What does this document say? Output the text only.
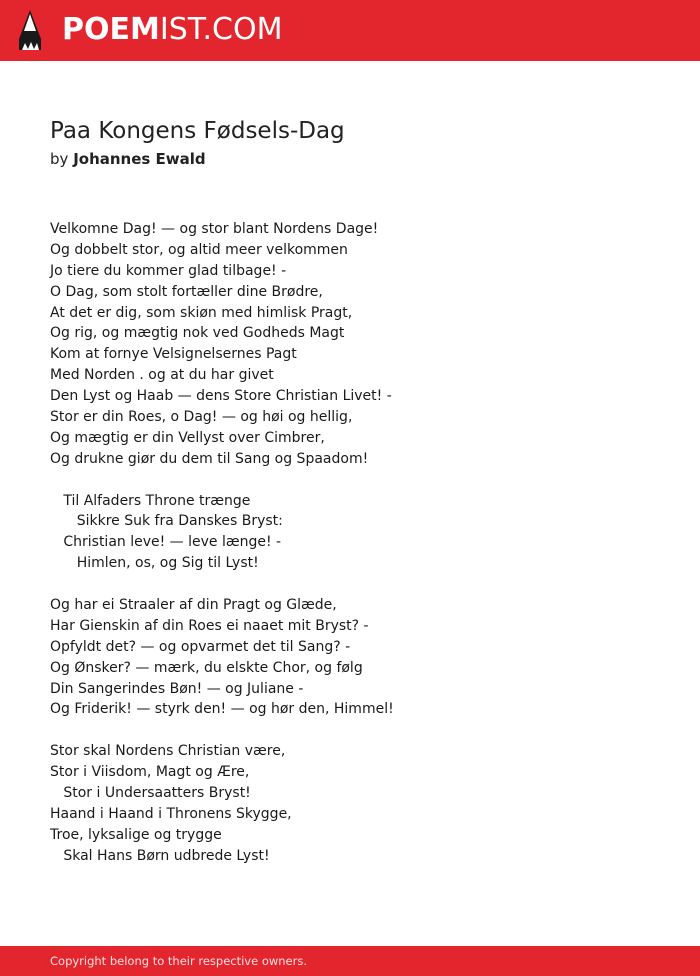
POEMIST.COM
Paa Kongens Fødsels-Dag
by Johannes Ewald
Velkomne Dag! — og stor blant Nordens Dage!
Og dobbelt stor, og altid meer velkommen
Jo tiere du kommer glad tilbage! -
O Dag, som stolt fortæller dine Brødre,
At det er dig, som skiøn med himlisk Pragt,
Og rig, og mægtig nok ved Godheds Magt
Kom at fornye Velsignelsernes Pagt
Med Norden . og at du har givet
Den Lyst og Haab — dens Store Christian Livet! -
Stor er din Roes, o Dag! — og høi og hellig,
Og mægtig er din Vellyst over Cimbrer,
Og drukne giør du dem til Sang og Spaadom!
Til Alfaders Throne trænge
Sikkre Suk fra Danskes Bryst:
Christian leve! — leve længe! -
Himlen, os, og Sig til Lyst!
Og har ei Straaler af din Pragt og Glæde,
Har Gienskin af din Roes ei naaet mit Bryst? -
Opfyldt det? — og opvarmet det til Sang? -
Og Ønsker? — mærk, du elskte Chor, og følg
Din Sangerindes Bøn! — og Juliane -
Og Friderik! — styrk den! — og hør den, Himmel!
Stor skal Nordens Christian være,
Stor i Viisdom, Magt og Ære,
Stor i Undersaatters Bryst!
Haand i Haand i Thronens Skygge,
Troe, lyksalige og trygge
Skal Hans Børn udbrede Lyst!
Copyright belong to their respective owners.
